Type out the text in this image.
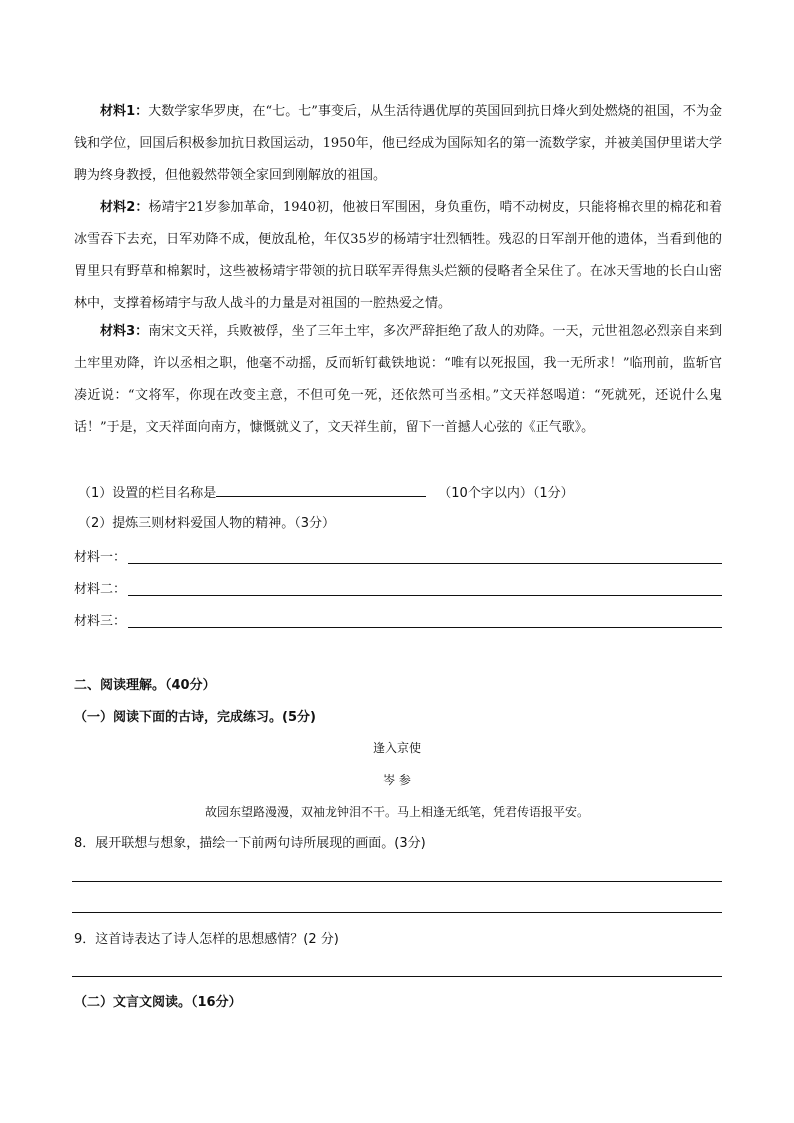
材料1：大数学家华罗庚，在“七。七”事变后，从生活待遇优厚的英国回到抗日烽火到处燃烧的祖国，不为金钱和学位，回国后积极参加抗日救国运动，1950年，他已经成为国际知名的第一流数学家，并被美国伊里诺大学聘为终身教授，但他毅然带领全家回到刚解放的祖国。

材料2：杨靖宇21岁参加革命，1940初，他被日军围困，身负重伤，啃不动树皮，只能将棉衣里的棉花和着冰雪吞下去充，日军劝降不成，便放乱枪，年仅35岁的杨靖宇壮烈牺牲。残忍的日军剖开他的遗体，当看到他的胃里只有野草和棉絮时，这些被杨靖宇带领的抗日联军弄得焦头烂额的侵略者全呆住了。在冰天雪地的长白山密林中，支撑着杨靖宇与敌人战斗的力量是对祖国的一腔热爱之情。

材料3：南宋文天祥，兵败被俘，坐了三年土牢，多次严辞拒绝了敌人的劝降。一天，元世祖忽必烈亲自来到土牢里劝降，许以丞相之职，他毫不动摇，反而斩钉截铁地说：“唯有以死报国，我一无所求！”临刑前，监斩官凑近说：“文将军，你现在改变主意，不但可免一死，还依然可当丞相。”文天祥怒喝道：“死就死，还说什么鬼话！”于是，文天祥面向南方，慷慨就义了，文天祥生前，留下一首撼人心弦的《正气歌》。

（1）设置的栏目名称是	（10个字以内）（1分）
（2）提炼三则材料爱国人物的精神。（3分）
材料一：
材料二：
材料三：
二、阅读理解。（40分）
（一）阅读下面的古诗，完成练习。(5分)
逢入京使
岑 参
故园东望路漫漫，双袖龙钟泪不干。马上相逢无纸笔，凭君传语报平安。
8．展开联想与想象，描绘一下前两句诗所展现的画面。(3分)
9．这首诗表达了诗人怎样的思想感情？(2 分)
（二）文言文阅读。（16分）
